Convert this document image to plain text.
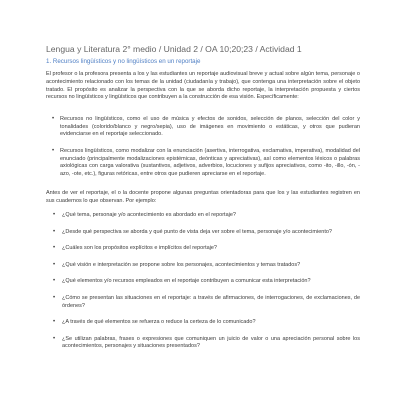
Lengua y Literatura 2° medio / Unidad 2 / OA 10;20;23 / Actividad 1
1. Recursos lingüísticos y no lingüísticos en un reportaje

El profesor o la profesora presenta a los y las estudiantes un reportaje audiovisual breve y actual sobre algún tema, personaje o acontecimiento relacionado con los temas de la unidad (ciudadanía y trabajo), que contenga una interpretación sobre el objeto tratado. El propósito es analizar la perspectiva con la que se aborda dicho reportaje, la interpretación propuesta y ciertos recursos no lingüísticos y lingüísticos que contribuyen a la construcción de esa visión. Específicamente:

• Recursos no lingüísticos, como el uso de música y efectos de sonidos, selección de planos, selección del color y tonalidades (colorido/blanco y negro/sepia), uso de imágenes en movimiento o estáticas, y otros que pudieran evidenciarse en el reportaje seleccionado.
• Recursos lingüísticos, como modalizar con la enunciación (asertiva, interrogativa, exclamativa, imperativa), modalidad del enunciado (principalmente modalizaciones epistémicas, deónticas y apreciativas), así como elementos léxicos o palabras axiológicas con carga valorativa (sustantivos, adjetivos, adverbios, locuciones y sufijos apreciativos, como -ito, -illo, -ón, -azo, -ote, etc.), figuras retóricas, entre otros que pudieren apreciarse en el reportaje.

Antes de ver el reportaje, el o la docente propone algunas preguntas orientadoras para que los y las estudiantes registren en sus cuadernos lo que observan. Por ejemplo:

• ¿Qué tema, personaje y/o acontecimiento es abordado en el reportaje?
• ¿Desde qué perspectiva se aborda y qué punto de vista deja ver sobre el tema, personaje y/o acontecimiento?
• ¿Cuáles son los propósitos explícitos e implícitos del reportaje?
• ¿Qué visión e interpretación se propone sobre los personajes, acontecimientos y temas tratados?
• ¿Qué elementos y/o recursos empleados en el reportaje contribuyen a comunicar esta interpretación?
• ¿Cómo se presentan las situaciones en el reportaje: a través de afirmaciones, de interrogaciones, de exclamaciones, de órdenes?
• ¿A través de qué elementos se refuerza o reduce la certeza de lo comunicado?
• ¿Se utilizan palabras, frases o expresiones que comuniquen un juicio de valor o una apreciación personal sobre los acontecimientos, personajes y situaciones presentados?
